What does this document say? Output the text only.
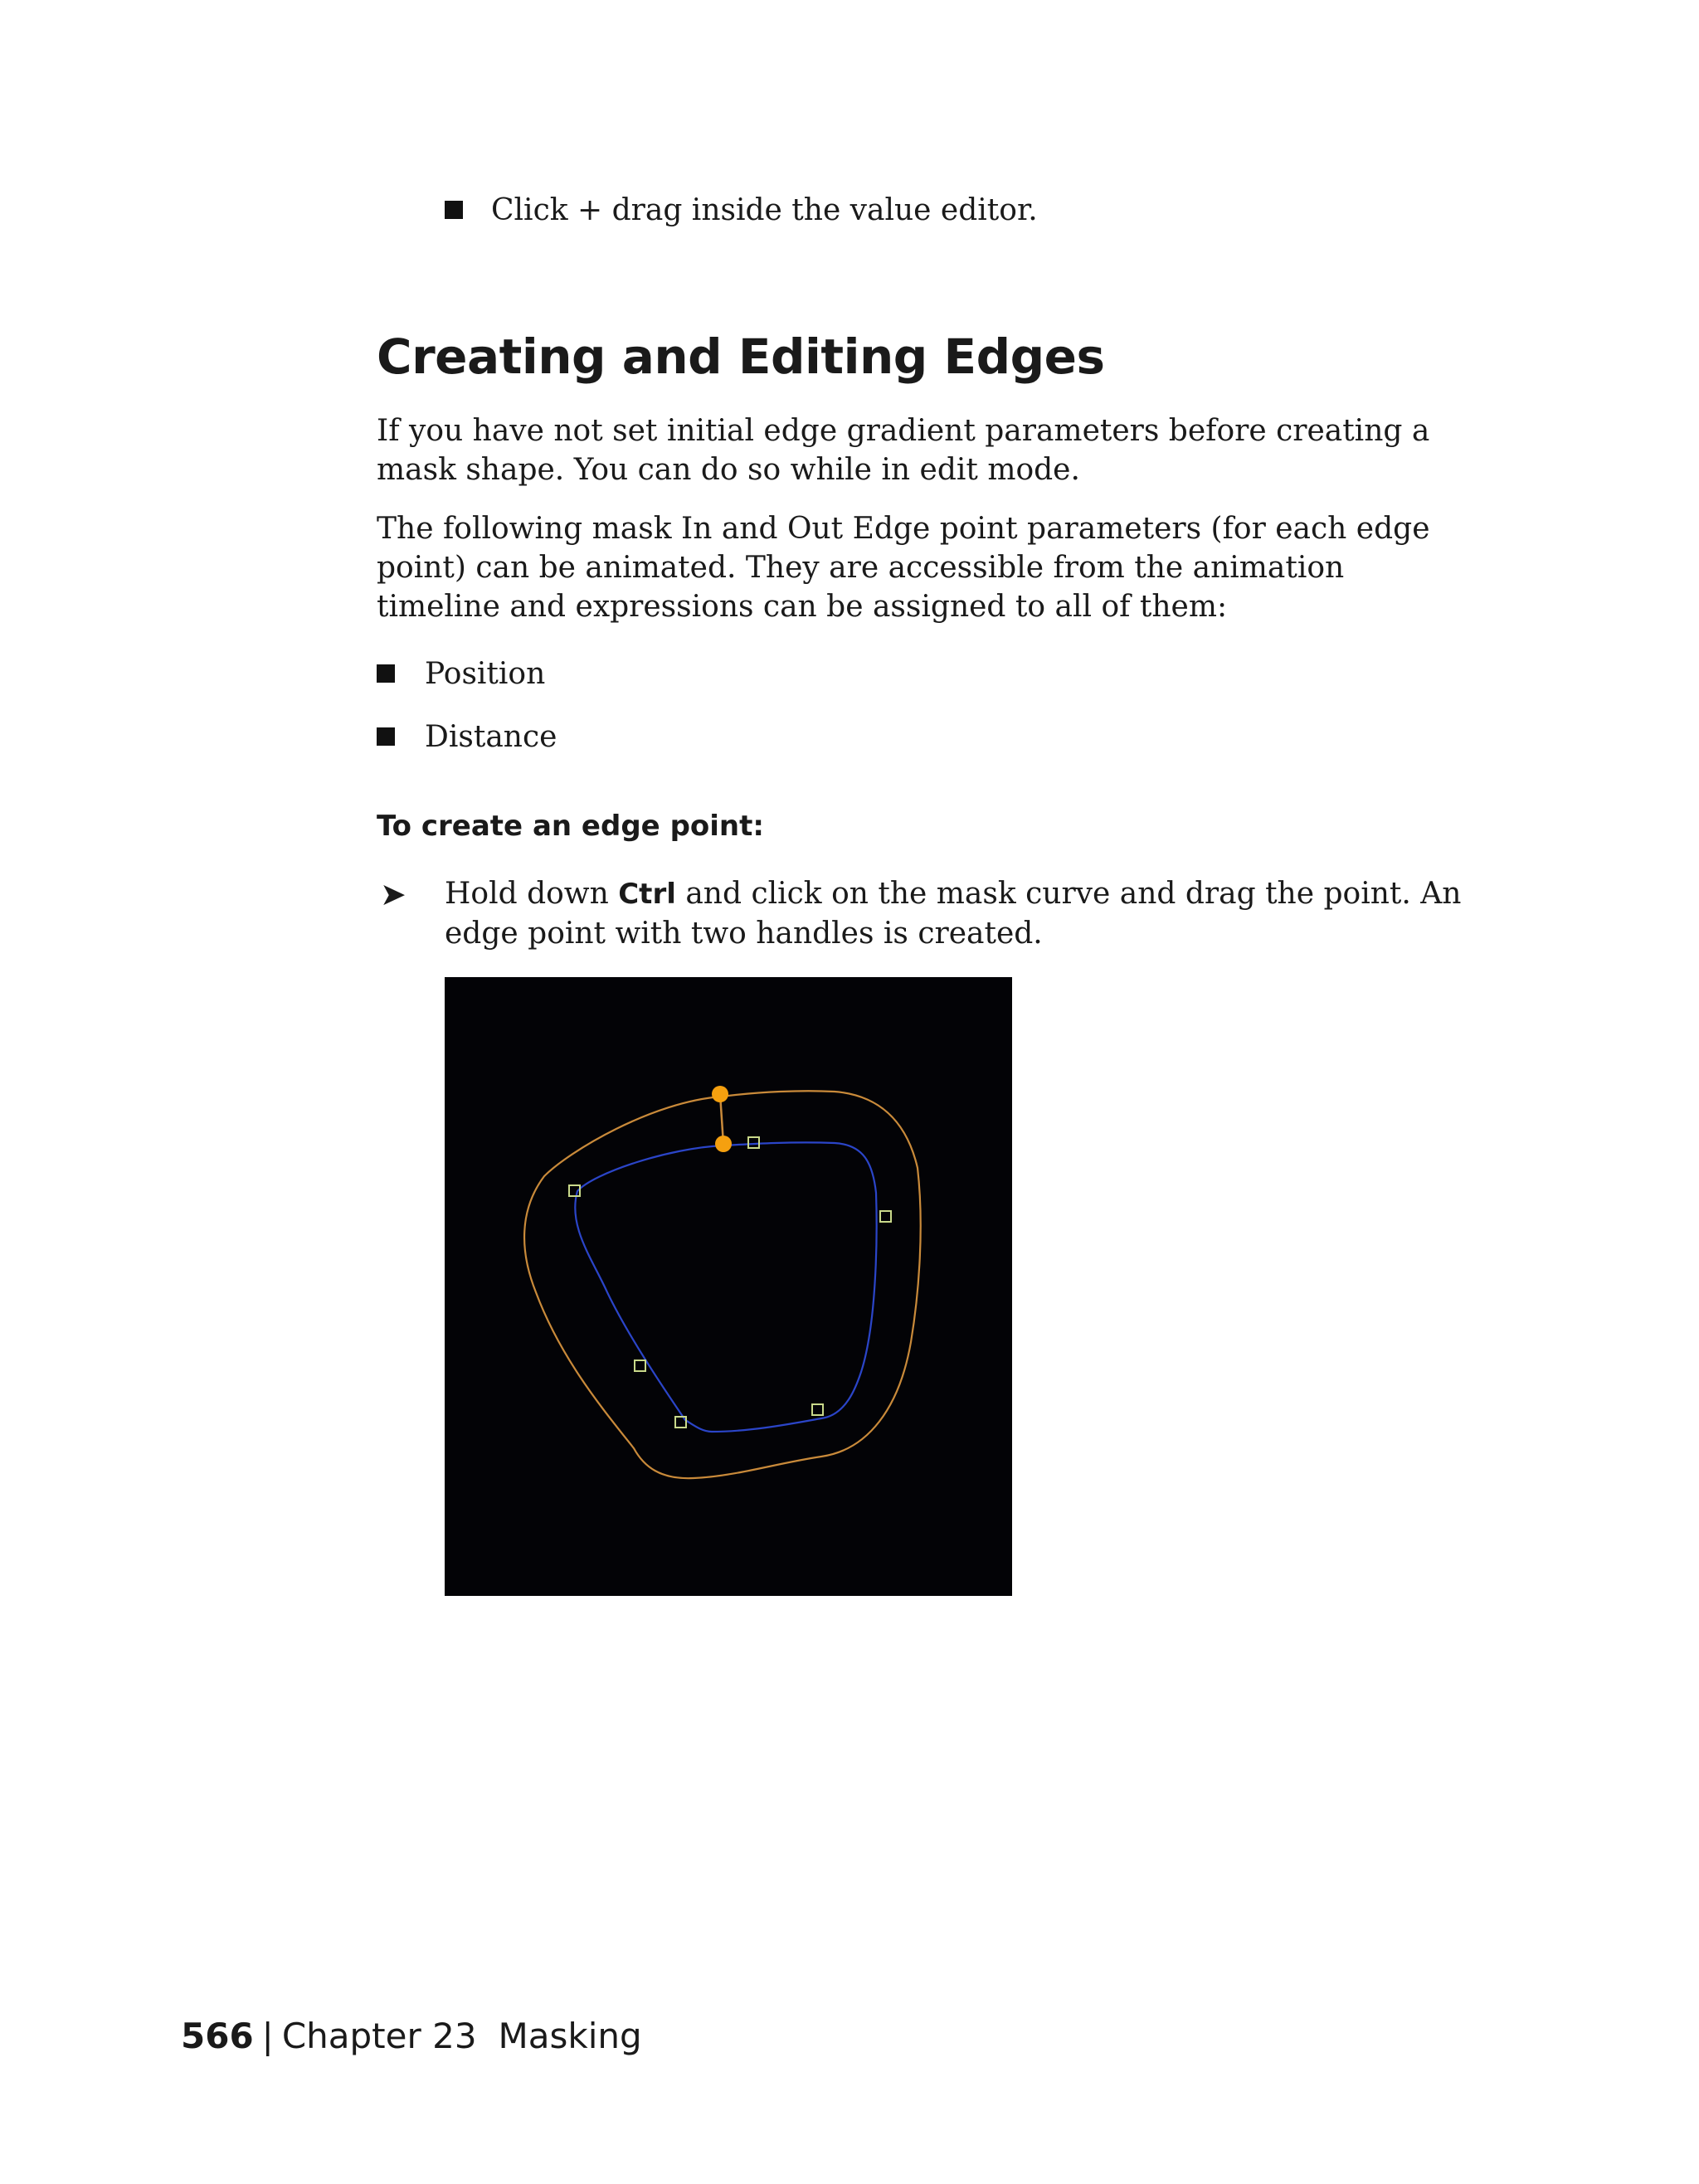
Click + drag inside the value editor.
Creating and Editing Edges

If you have not set initial edge gradient parameters before creating a mask shape. You can do so while in edit mode.

The following mask In and Out Edge point parameters (for each edge point) can be animated. They are accessible from the animation timeline and expressions can be assigned to all of them:

Position
Distance
To create an edge point:
➤ Hold down Ctrl and click on the mask curve and drag the point. An edge point with two handles is created.

566 | Chapter 23 Masking
